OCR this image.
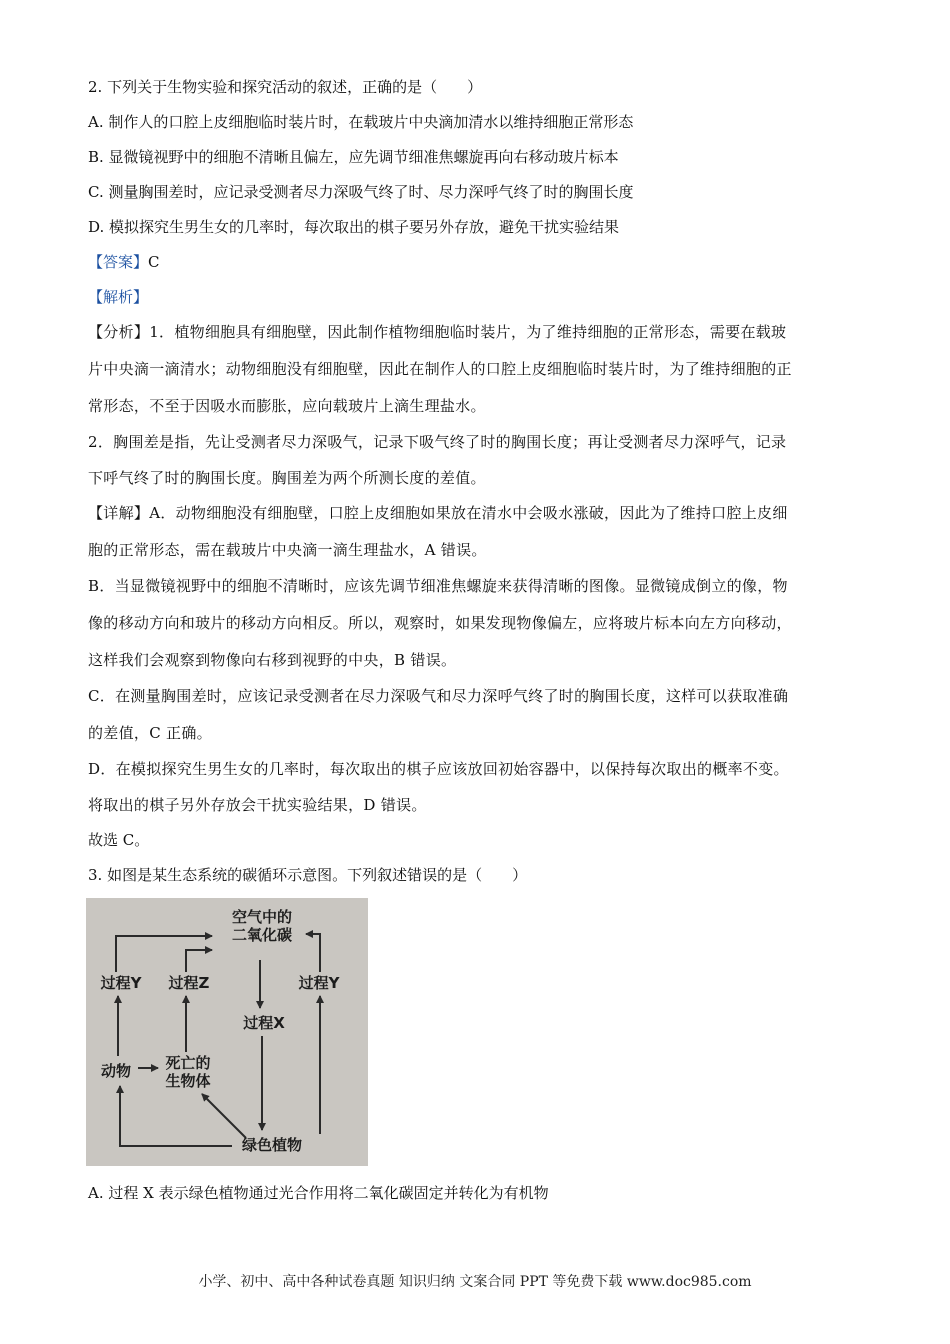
2. 下列关于生物实验和探究活动的叙述，正确的是（　　）
A. 制作人的口腔上皮细胞临时装片时，在载玻片中央滴加清水以维持细胞正常形态
B. 显微镜视野中的细胞不清晰且偏左，应先调节细准焦螺旋再向右移动玻片标本
C. 测量胸围差时，应记录受测者尽力深吸气终了时、尽力深呼气终了时的胸围长度
D. 模拟探究生男生女的几率时，每次取出的棋子要另外存放，避免干扰实验结果
【答案】C
【解析】
【分析】1．植物细胞具有细胞壁，因此制作植物细胞临时装片，为了维持细胞的正常形态，需要在载玻
片中央滴一滴清水；动物细胞没有细胞壁，因此在制作人的口腔上皮细胞临时装片时，为了维持细胞的正
常形态，不至于因吸水而膨胀，应向载玻片上滴生理盐水。
2．胸围差是指，先让受测者尽力深吸气，记录下吸气终了时的胸围长度；再让受测者尽力深呼气，记录
下呼气终了时的胸围长度。胸围差为两个所测长度的差值。
【详解】A．动物细胞没有细胞壁，口腔上皮细胞如果放在清水中会吸水涨破，因此为了维持口腔上皮细
胞的正常形态，需在载玻片中央滴一滴生理盐水，A 错误。
B．当显微镜视野中的细胞不清晰时，应该先调节细准焦螺旋来获得清晰的图像。显微镜成倒立的像，物
像的移动方向和玻片的移动方向相反。所以，观察时，如果发现物像偏左，应将玻片标本向左方向移动，
这样我们会观察到物像向右移到视野的中央，B 错误。
C．在测量胸围差时，应该记录受测者在尽力深吸气和尽力深呼气终了时的胸围长度，这样可以获取准确
的差值，C 正确。
D．在模拟探究生男生女的几率时，每次取出的棋子应该放回初始容器中，以保持每次取出的概率不变。
将取出的棋子另外存放会干扰实验结果，D 错误。
故选 C。
3. 如图是某生态系统的碳循环示意图。下列叙述错误的是（　　）
空气中的
二氧化碳
过程Y	过程Z	过程Y
过程X
动物	死亡的
生物体
绿色植物
A. 过程 X 表示绿色植物通过光合作用将二氧化碳固定并转化为有机物
小学、初中、高中各种试卷真题 知识归纳 文案合同 PPT 等免费下载 www.doc985.com
